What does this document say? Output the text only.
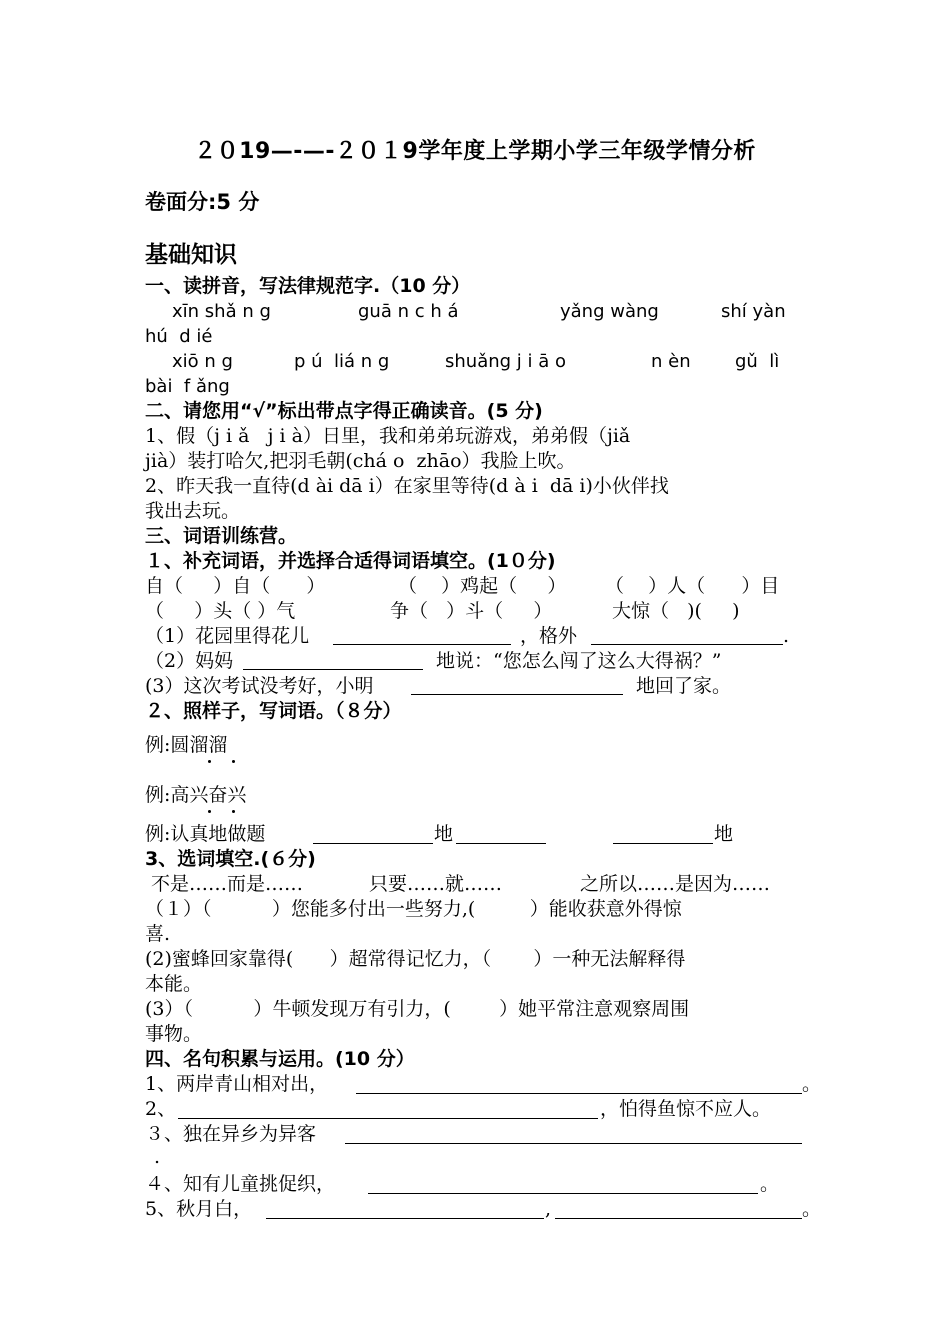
２０19—-—-２０１9学年度上学期小学三年级学情分析
卷面分:5 分
基础知识
一、读拼音，写法律规范字.（10 分）
xīn shǎ n g	guā n c h á	yǎng wàng	shí yàn
hú  d ié
xiō n g	p ú  liá n g	shuǎng j i ā o	n èn gǔ  lì
bài  f ǎng
二、请您用“√”标出带点字得正确读音。(5 分)
1、假（j i ǎ   j i à）日里，我和弟弟玩游戏，弟弟假（jiǎ
jià）装打哈欠,把羽毛朝(chá o  zhāo）我脸上吹。
2、昨天我一直待(d ài dā i）在家里等待(d à i  dā i)小伙伴找
我出去玩。
三、词语训练营。
１、补充词语，并选择合适得词语填空。(1０分)
自（     ）自（      ）	（    ）鸡起（     ） （    ）人（      ）目
（     ）头（ ）气	争（   ）斗（     ）	大惊（   )(     )
（1）花园里得花儿	，格外	.
（2）妈妈	地说：“您怎么闯了这么大得祸？”
(3）这次考试没考好，小明	地回了家。
２、照样子，写词语。（８分）
例:圆溜溜
例:高兴奋兴
例:认真地做题	地	地
3、选词填空.(６分)
不是……而是……	只要……就……	之所以……是因为……
（１）（          ）您能多付出一些努力,(         ）能收获意外得惊
喜.
(2)蜜蜂回家靠得(      ）超常得记忆力，（       ）一种无法解释得
本能。
(3）（          ）牛顿发现万有引力，(        ）她平常注意观察周围
事物。
四、名句积累与运用。(10 分）
1、两岸青山相对出，	。
2、	，怕得鱼惊不应人。
３、独在异乡为异客
.
４、知有儿童挑促织，	。
5、秋月白，	,	。
